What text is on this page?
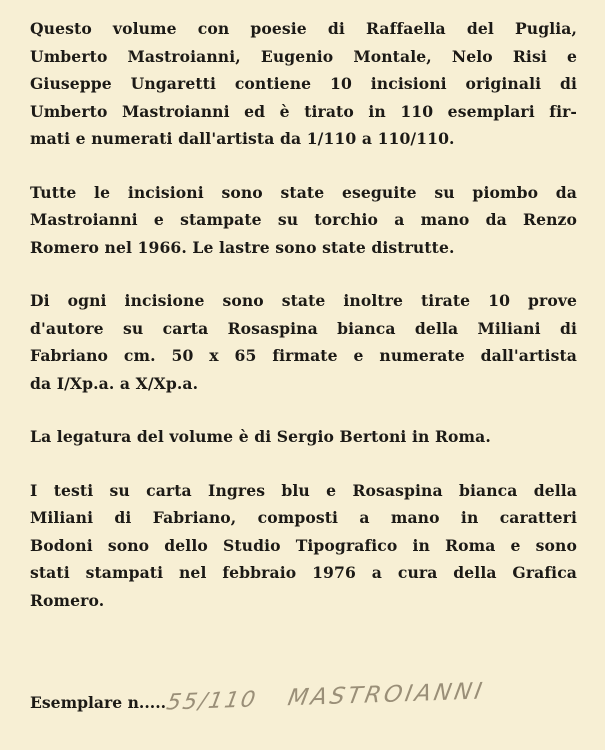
Questo volume con poesie di Raffaella del Puglia,
Umberto Mastroianni, Eugenio Montale, Nelo Risi e
Giuseppe Ungaretti contiene 10 incisioni originali di
Umberto Mastroianni ed è tirato in 110 esemplari fir-
mati e numerati dall'artista da 1/110 a 110/110.

Tutte le incisioni sono state eseguite su piombo da
Mastroianni e stampate su torchio a mano da Renzo
Romero nel 1966. Le lastre sono state distrutte.

Di ogni incisione sono state inoltre tirate 10 prove
d'autore su carta Rosaspina bianca della Miliani di
Fabriano cm. 50 x 65 firmate e numerate dall'artista
da I/Xp.a. a X/Xp.a.

La legatura del volume è di Sergio Bertoni in Roma.

I testi su carta Ingres blu e Rosaspina bianca della
Miliani di Fabriano, composti a mano in caratteri
Bodoni sono dello Studio Tipografico in Roma e sono
stati stampati nel febbraio 1976 a cura della Grafica
Romero.

Esemplare n.....
55/110 MASTROIANNI
